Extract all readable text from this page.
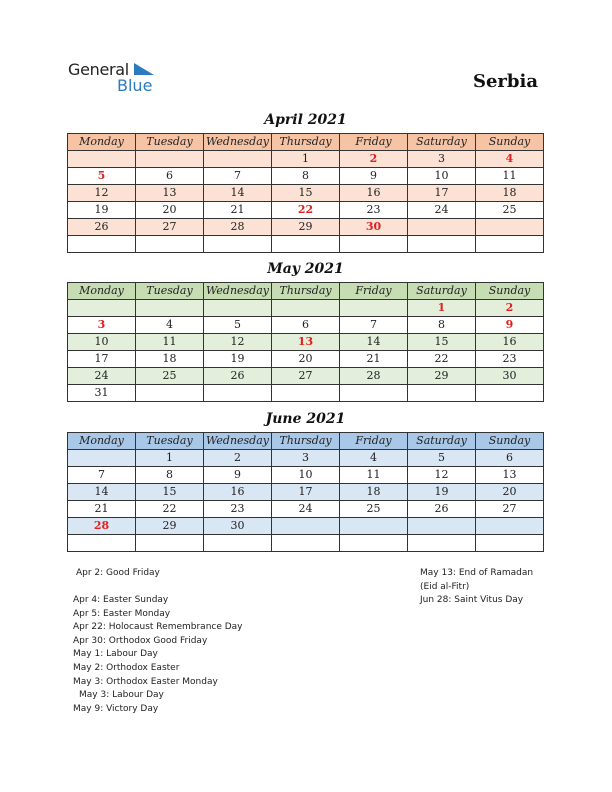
General
Blue	Serbia
April 2021
Monday	Tuesday	Wednesday	Thursday	Friday	Saturday	Sunday
			1	2	3	4
5	6	7	8	9	10	11
12	13	14	15	16	17	18
19	20	21	22	23	24	25
26	27	28	29	30		

May 2021
Monday	Tuesday	Wednesday	Thursday	Friday	Saturday	Sunday
					1	2
3	4	5	6	7	8	9
10	11	12	13	14	15	16
17	18	19	20	21	22	23
24	25	26	27	28	29	30
31						
June 2021
Monday	Tuesday	Wednesday	Thursday	Friday	Saturday	Sunday
	1	2	3	4	5	6
7	8	9	10	11	12	13
14	15	16	17	18	19	20
21	22	23	24	25	26	27
28	29	30				

Apr 2: Good Friday
Apr 4: Easter Sunday
Apr 5: Easter Monday
Apr 22: Holocaust Remembrance Day
Apr 30: Orthodox Good Friday
May 1: Labour Day
May 2: Orthodox Easter
May 3: Orthodox Easter Monday
May 3: Labour Day
May 9: Victory Day
May 13: End of Ramadan
(Eid al-Fitr)
Jun 28: Saint Vitus Day
